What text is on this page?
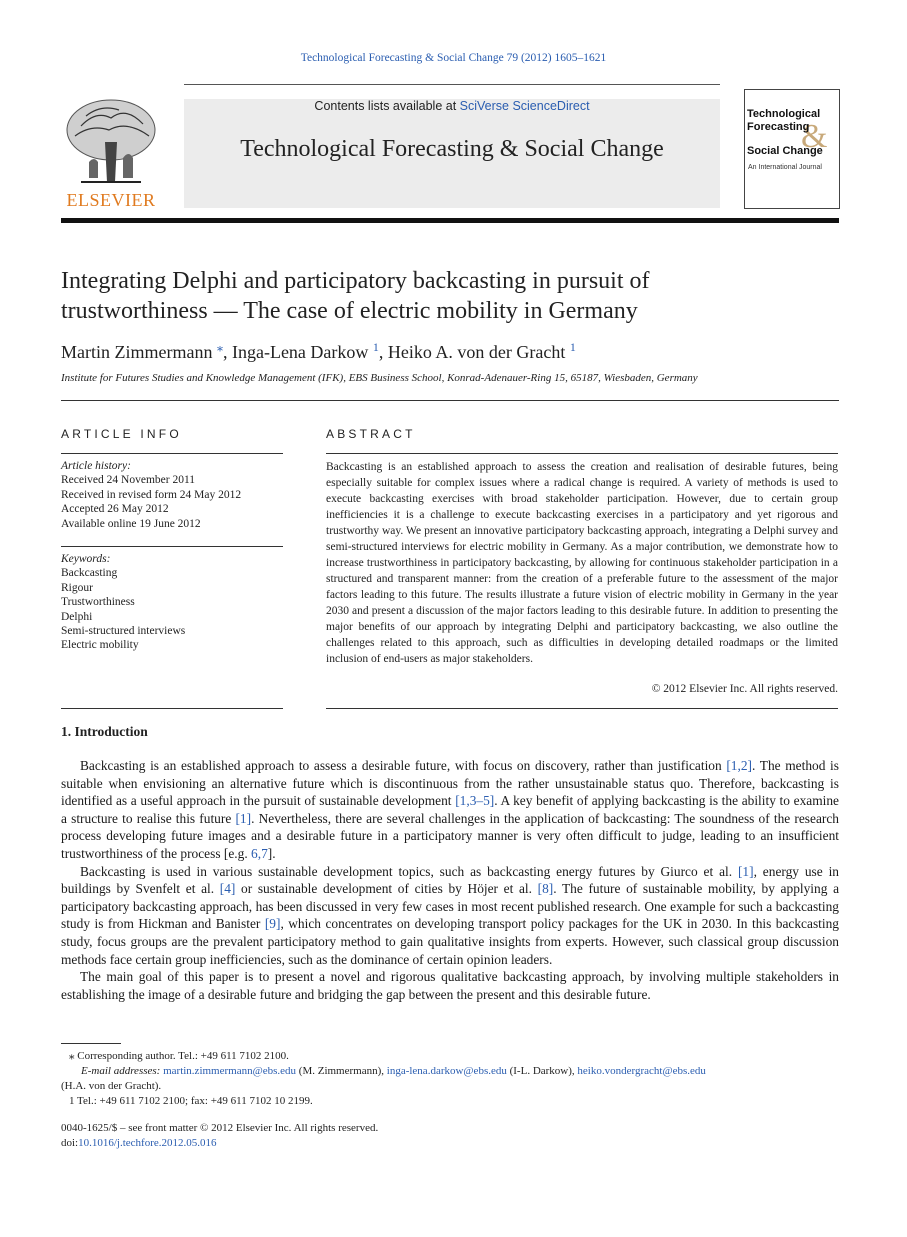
Technological Forecasting & Social Change 79 (2012) 1605–1621
ELSEVIER
Contents lists available at SciVerse ScienceDirect
Technological Forecasting & Social Change	&
Technological
Forecasting
Social Change
An International Journal
Integrating Delphi and participatory backcasting in pursuit of
trustworthiness — The case of electric mobility in Germany
Martin Zimmermann ⁎, Inga-Lena Darkow $^1$, Heiko A. von der Gracht $^1$
Institute for Futures Studies and Knowledge Management (IFK), EBS Business School, Konrad-Adenauer-Ring 15, 65187, Wiesbaden, Germany
ARTICLE INFO
Article history:
Received 24 November 2011
Received in revised form 24 May 2012
Accepted 26 May 2012
Available online 19 June 2012
Keywords:
Backcasting
Rigour
Trustworthiness
Delphi
Semi-structured interviews
Electric mobility
ABSTRACT
Backcasting is an established approach to assess the creation and realisation of desirable futures, being especially suitable for complex issues where a radical change is required. A variety of methods is used to execute backcasting exercises with broad stakeholder participation. However, due to certain group inefficiencies it is a challenge to execute backcasting exercises in a participatory and yet rigorous and trustworthy way. We present an innovative participatory backcasting approach, integrating a Delphi survey and semi-structured interviews for electric mobility in Germany. As a major contribution, we demonstrate how to increase trustworthiness in participatory backcasting, by allowing for continuous stakeholder participation in a structured and transparent manner: from the creation of a preferable future to the assessment of the major factors leading to this future. The results illustrate a future vision of electric mobility in Germany in the year 2030 and present a discussion of the major factors leading to this desirable future. In addition to presenting the major benefits of our approach by integrating Delphi and participatory backcasting, we also outline the challenges related to this approach, such as difficulties in developing detailed roadmaps or the limited inclusion of end-users as major stakeholders.
© 2012 Elsevier Inc. All rights reserved.
1. Introduction

Backcasting is an established approach to assess a desirable future, with focus on discovery, rather than justification [1,2]. The method is suitable when envisioning an alternative future which is discontinuous from the rather unsustainable status quo. Therefore, backcasting is identified as a useful approach in the pursuit of sustainable development [1,3–5]. A key benefit of applying backcasting is the ability to examine a structure to realise this future [1]. Nevertheless, there are several challenges in the application of backcasting: The soundness of the research process developing future images and a desirable future in a participatory manner is very often difficult to judge, leading to an insufficient trustworthiness of the process [e.g. 6,7].

Backcasting is used in various sustainable development topics, such as backcasting energy futures by Giurco et al. [1], energy use in buildings by Svenfelt et al. [4] or sustainable development of cities by Höjer et al. [8]. The future of sustainable mobility, by applying a participatory backcasting approach, has been discussed in very few cases in most recent published research. One example for such a backcasting study is from Hickman and Banister [9], which concentrates on developing transport policy packages for the UK in 2030. In this backcasting study, focus groups are the prevalent participatory method to gain qualitative insights from experts. However, such classical group discussion methods face certain group inefficiencies, such as the dominance of certain opinion leaders.

The main goal of this paper is to present a novel and rigorous qualitative backcasting approach, by involving multiple stakeholders in establishing the image of a desirable future and bridging the gap between the present and this desirable future.

⁎ Corresponding author. Tel.: +49 611 7102 2100.
E-mail addresses: martin.zimmermann@ebs.edu (M. Zimmermann), inga-lena.darkow@ebs.edu (I-L. Darkow), heiko.vondergracht@ebs.edu
(H.A. von der Gracht).
1 Tel.: +49 611 7102 2100; fax: +49 611 7102 10 2199.
0040-1625/$ – see front matter © 2012 Elsevier Inc. All rights reserved.
doi:10.1016/j.techfore.2012.05.016
